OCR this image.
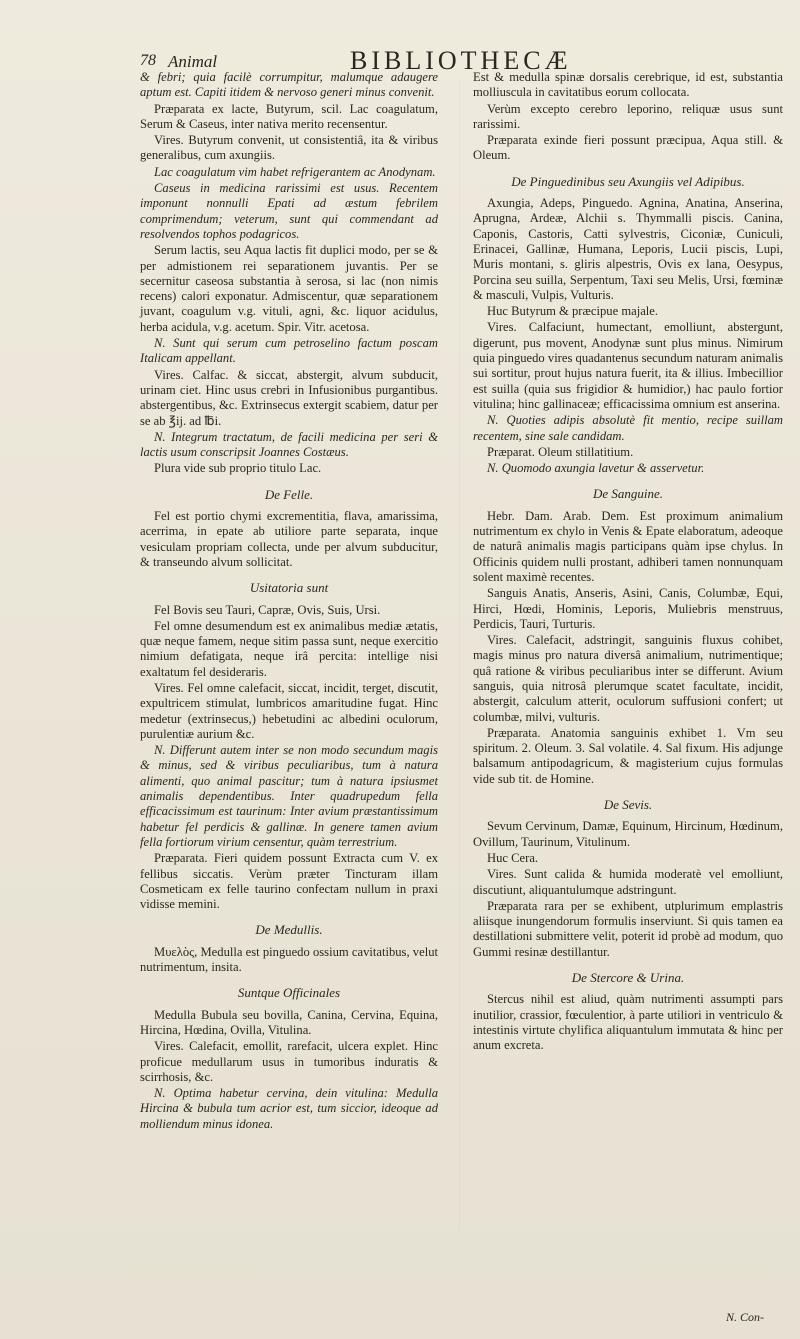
78 Animal	BIBLIOTHECÆ

& febri; quia facilè corrumpitur, malumque adaugere aptum est. Capiti itidem & nervoso generi minus convenit.

Præparata ex lacte, Butyrum, scil. Lac coagulatum, Serum & Caseus, inter nativa merito recensentur.

Vires. Butyrum convenit, ut consistentiâ, ita & viribus generalibus, cum axungiis.

Lac coagulatum vim habet refrigerantem ac Anodynam.

Caseus in medicina rarissimi est usus. Recentem imponunt nonnulli Epati ad æstum febrilem comprimendum; veterum, sunt qui commendant ad resolvendos tophos podagricos.

Serum lactis, seu Aqua lactis fit duplici modo, per se & per admistionem rei separationem juvantis. Per se secernitur caseosa substantia à serosa, si lac (non nimis recens) calori exponatur. Admiscentur, quæ separationem juvant, coagulum v.g. vituli, agni, &c. liquor acidulus, herba acidula, v.g. acetum. Spir. Vitr. acetosa.

N. Sunt qui serum cum petroselino factum poscam Italicam appellant.

Vires. Calfac. & siccat, abstergit, alvum subducit, urinam ciet. Hinc usus crebri in Infusionibus purgantibus. abstergentibus, &c. Extrinsecus extergit scabiem, datur per se ab ℥ij. ad ℔i.

N. Integrum tractatum, de facili medicina per seri & lactis usum conscripsit Joannes Costæus.

Plura vide sub proprio titulo Lac.

De Felle.

Fel est portio chymi excrementitia, flava, amarissima, acerrima, in epate ab utiliore parte separata, inque vesiculam propriam collecta, unde per alvum subducitur, & transeundo alvum sollicitat.

Usitatoria sunt

Fel Bovis seu Tauri, Capræ, Ovis, Suis, Ursi.

Fel omne desumendum est ex animalibus mediæ ætatis, quæ neque famem, neque sitim passa sunt, neque exercitio nimium defatigata, neque irâ percita: intellige nisi exaltatum fel desideraris.

Vires. Fel omne calefacit, siccat, incidit, terget, discutit, expultricem stimulat, lumbricos amaritudine fugat. Hinc medetur (extrinsecus,) hebetudini ac albedini oculorum, purulentiæ aurium &c.

N. Differunt autem inter se non modo secundum magis & minus, sed & viribus peculiaribus, tum à natura alimenti, quo animal pascitur; tum à natura ipsiusmet animalis dependentibus. Inter quadrupedum fella efficacissimum est taurinum: Inter avium præstantissimum habetur fel perdicis & gallinæ. In genere tamen avium fella fortiorum virium censentur, quàm terrestrium.

Præparata. Fieri quidem possunt Extracta cum V. ex fellibus siccatis. Verùm præter Tincturam illam Cosmeticam ex felle taurino confectam nullum in praxi vidisse memini.

De Medullis.

Μυελὸς, Medulla est pinguedo ossium cavitatibus, velut nutrimentum, insita.

Suntque Officinales

Medulla Bubula seu bovilla, Canina, Cervina, Equina, Hircina, Hœdina, Ovilla, Vitulina.

Vires. Calefacit, emollit, rarefacit, ulcera explet. Hinc proficue medullarum usus in tumoribus induratis & scirrhosis, &c.

N. Optima habetur cervina, dein vitulina: Medulla Hircina & bubula tum acrior est, tum siccior, ideoque ad molliendum minus idonea.

Est & medulla spinæ dorsalis cerebrique, id est, substantia molliuscula in cavitatibus eorum collocata.

Verùm excepto cerebro leporino, reliquæ usus sunt rarissimi.

Præparata exinde fieri possunt præcipua, Aqua still. & Oleum.

De Pinguedinibus seu Axungiis vel Adipibus.

Axungia, Adeps, Pinguedo. Agnina, Anatina, Anserina, Aprugna, Ardeæ, Alchii s. Thymmalli piscis. Canina, Caponis, Castoris, Catti sylvestris, Ciconiæ, Cuniculi, Erinacei, Gallinæ, Humana, Leporis, Lucii piscis, Lupi, Muris montani, s. gliris alpestris, Ovis ex lana, Oesypus, Porcina seu suilla, Serpentum, Taxi seu Melis, Ursi, fœminæ & masculi, Vulpis, Vulturis.

Huc Butyrum & præcipue majale.

Vires. Calfaciunt, humectant, emolliunt, abstergunt, digerunt, pus movent, Anodynæ sunt plus minus. Nimirum quia pinguedo vires quadantenus secundum naturam animalis sui sortitur, prout hujus natura fuerit, ita & illius. Imbecillior est suilla (quia sus frigidior & humidior,) hac paulo fortior vitulina; hinc gallinaceæ; efficacissima omnium est anserina.

N. Quoties adipis absolutè fit mentio, recipe suillam recentem, sine sale candidam.

Præparat. Oleum stillatitium.

N. Quomodo axungia lavetur & asservetur.

De Sanguine.

Hebr. Dam. Arab. Dem. Est proximum animalium nutrimentum ex chylo in Venis & Epate elaboratum, adeoque de naturâ animalis magis participans quàm ipse chylus. In Officinis quidem nulli prostant, adhiberi tamen nonnunquam solent maximè recentes.

Sanguis Anatis, Anseris, Asini, Canis, Columbæ, Equi, Hirci, Hœdi, Hominis, Leporis, Muliebris menstruus, Perdicis, Tauri, Turturis.

Vires. Calefacit, adstringit, sanguinis fluxus cohibet, magis minus pro natura diversâ animalium, nutrimentique; quâ ratione & viribus peculiaribus inter se differunt. Avium sanguis, quia nitrosâ plerumque scatet facultate, incidit, abstergit, calculum atterit, oculorum suffusioni confert; ut columbæ, milvi, vulturis.

Præparata. Anatomia sanguinis exhibet 1. Vm seu spiritum. 2. Oleum. 3. Sal volatile. 4. Sal fixum. His adjunge balsamum antipodagricum, & magisterium cujus formulas vide sub tit. de Homine.

De Sevis.

Sevum Cervinum, Damæ, Equinum, Hircinum, Hœdinum, Ovillum, Taurinum, Vitulinum.

Huc Cera.

Vires. Sunt calida & humida moderatè vel emolliunt, discutiunt, aliquantulumque adstringunt.

Præparata rara per se exhibent, utplurimum emplastris aliisque inungendorum formulis inserviunt. Si quis tamen ea destillationi submittere velit, poterit id probè ad modum, quo Gummi resinæ destillantur.

De Stercore & Urina.

Stercus nihil est aliud, quàm nutrimenti assumpti pars inutilior, crassior, fœculentior, à parte utiliori in ventriculo & intestinis virtute chylifica aliquantulum immutata & hinc per anum excreta.

N. Con-
